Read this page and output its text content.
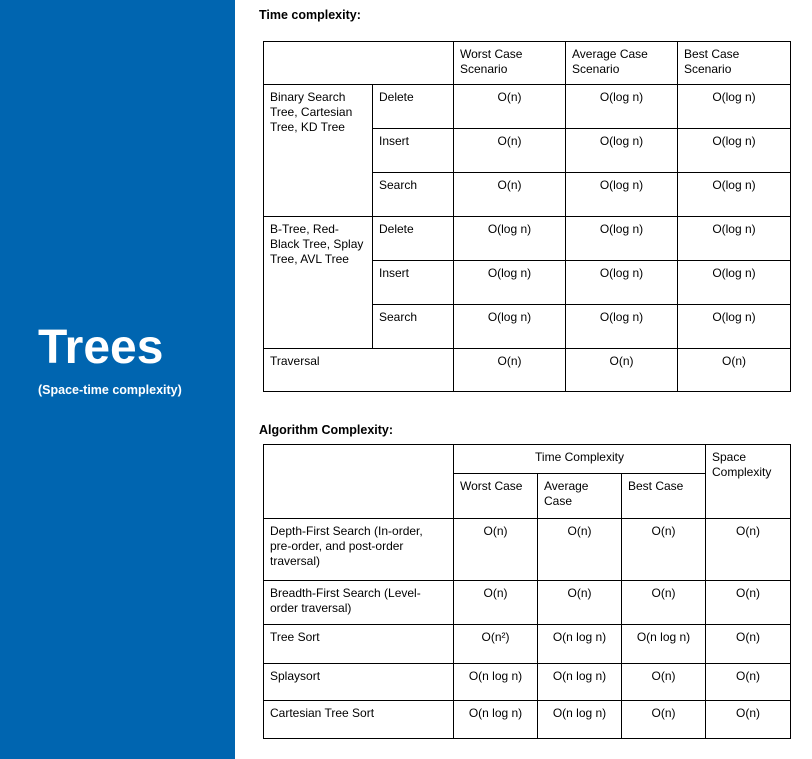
Trees
(Space-time complexity)
Time complexity:
		Worst Case Scenario	Average Case Scenario	Best Case Scenario
Binary Search Tree, Cartesian Tree, KD Tree	Delete	O(n)	O(log n)	O(log n)
	Insert	O(n)	O(log n)	O(log n)
	Search	O(n)	O(log n)	O(log n)
B-Tree, Red-Black Tree, Splay Tree, AVL Tree	Delete	O(log n)	O(log n)	O(log n)
	Insert	O(log n)	O(log n)	O(log n)
	Search	O(log n)	O(log n)	O(log n)
Traversal		O(n)	O(n)	O(n)
Algorithm Complexity:
	Time Complexity			Space Complexity
	Worst Case	Average Case	Best Case	
Depth-First Search (In-order, pre-order, and post-order traversal)	O(n)	O(n)	O(n)	O(n)
Breadth-First Search (Level-order traversal)	O(n)	O(n)	O(n)	O(n)
Tree Sort	O(n²)	O(n log n)	O(n log n)	O(n)
Splaysort	O(n log n)	O(n log n)	O(n)	O(n)
Cartesian Tree Sort	O(n log n)	O(n log n)	O(n)	O(n)
